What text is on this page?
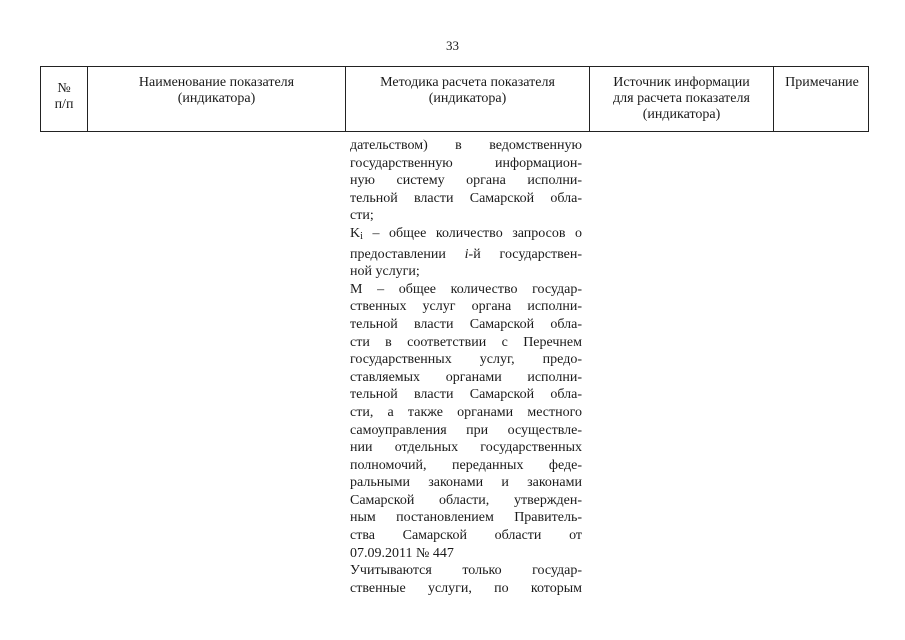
33
№
п/п
Наименование показателя
(индикатора)
Методика расчета показателя
(индикатора)
Источник информации
для расчета показателя
(индикатора)
Примечание
дательством) в ведомственную
государственную информацион-
ную систему органа исполни-
тельной власти Самарской обла-
сти;
$K_i$ – общее количество запросов о
предоставлении i-й государствен-
ной услуги;
М – общее количество государ-
ственных услуг органа исполни-
тельной власти Самарской обла-
сти в соответствии с Перечнем
государственных услуг, предо-
ставляемых органами исполни-
тельной власти Самарской обла-
сти, а также органами местного
самоуправления при осуществле-
нии отдельных государственных
полномочий, переданных феде-
ральными законами и законами
Самарской области, утвержден-
ным постановлением Правитель-
ства Самарской области от
07.09.2011 № 447
Учитываются только государ-
ственные услуги, по которым
